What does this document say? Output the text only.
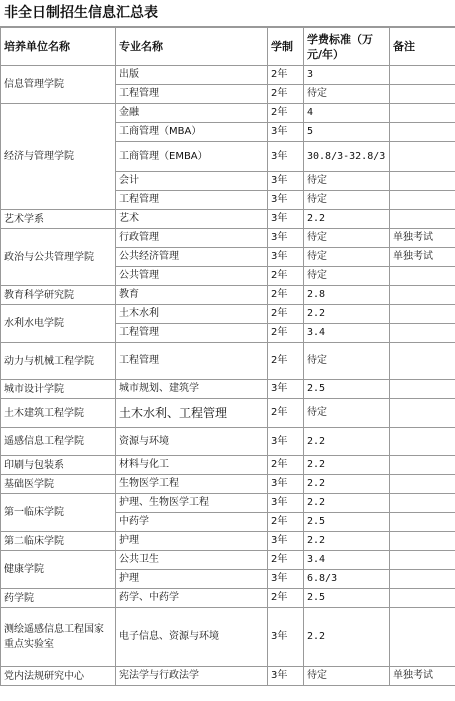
非全日制招生信息汇总表
培养单位名称	专业名称	学制	学费标准（万元/年）	备注
信息管理学院	出版	2年	3	
	工程管理	2年	待定	
经济与管理学院	金融	2年	4	
	工商管理（MBA）	3年	5	
	工商管理（EMBA）	3年	30.8/3-32.8/3	
	会计	3年	待定	
	工程管理	3年	待定	
艺术学系	艺术	3年	2.2	
政治与公共管理学院	行政管理	3年	待定	单独考试
	公共经济管理	3年	待定	单独考试
	公共管理	2年	待定	
教育科学研究院	教育	2年	2.8	
水利水电学院	土木水利	2年	2.2	
	工程管理	2年	3.4	
动力与机械工程学院	工程管理	2年	待定	
城市设计学院	城市规划、建筑学	3年	2.5	
土木建筑工程学院	土木水利、工程管理	2年	待定	
遥感信息工程学院	资源与环境	3年	2.2	
印刷与包装系	材料与化工	2年	2.2	
基础医学院	生物医学工程	3年	2.2	
第一临床学院	护理、生物医学工程	3年	2.2	
	中药学	2年	2.5	
第二临床学院	护理	3年	2.2	
健康学院	公共卫生	2年	3.4	
	护理	3年	6.8/3	
药学院	药学、中药学	2年	2.5	
测绘遥感信息工程国家重点实验室	电子信息、资源与环境	3年	2.2	
党内法规研究中心	宪法学与行政法学	3年	待定	单独考试
